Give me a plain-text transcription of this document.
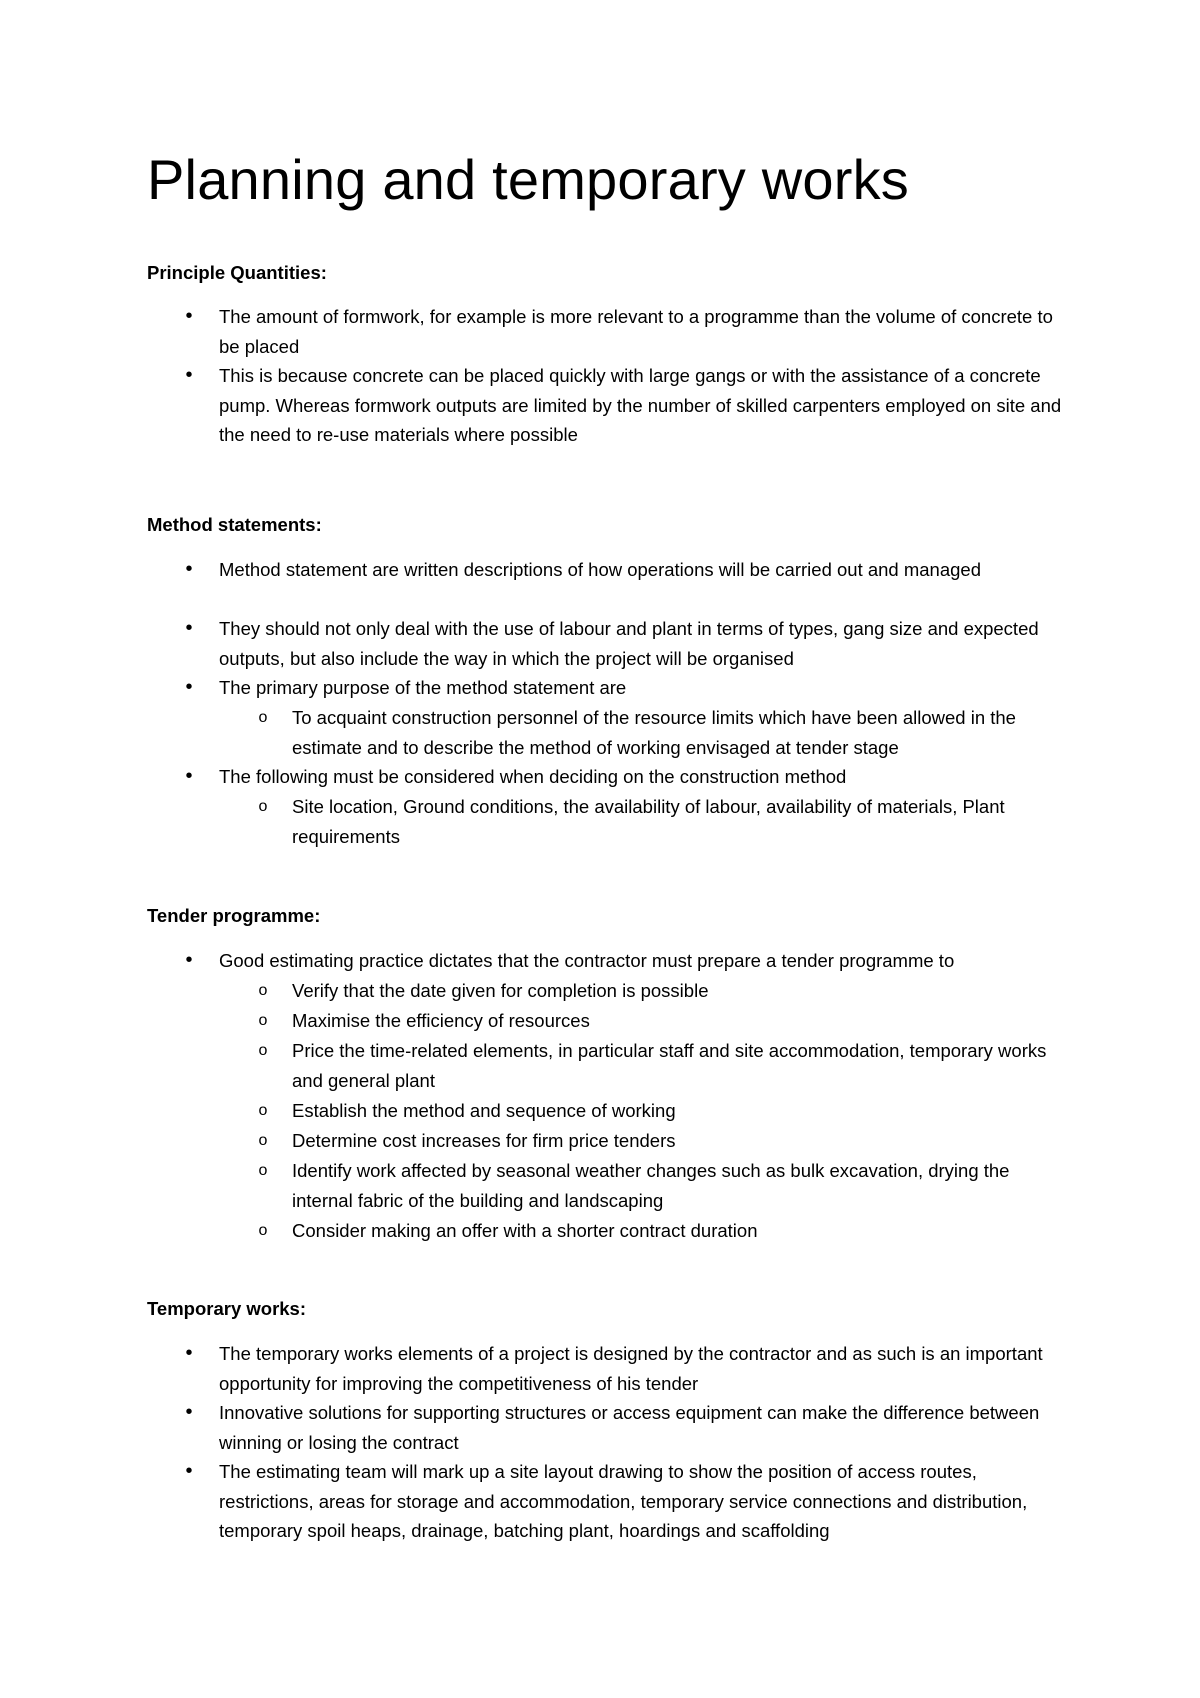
Planning and temporary works
Principle Quantities:
• The amount of formwork, for example is more relevant to a programme than the volume of concrete to be placed

• This is because concrete can be placed quickly with large gangs or with the assistance of a concrete pump. Whereas formwork outputs are limited by the number of skilled carpenters employed on site and the need to re-use materials where possible

Method statements:
• Method statement are written descriptions of how operations will be carried out and managed

• They should not only deal with the use of labour and plant in terms of types, gang size and expected outputs, but also include the way in which the project will be organised

• The primary purpose of the method statement are

o To acquaint construction personnel of the resource limits which have been allowed in the estimate and to describe the method of working envisaged at tender stage

• The following must be considered when deciding on the construction method

o Site location, Ground conditions, the availability of labour, availability of materials, Plant requirements

Tender programme:
• Good estimating practice dictates that the contractor must prepare a tender programme to

o Verify that the date given for completion is possible

o Maximise the efficiency of resources

o Price the time-related elements, in particular staff and site accommodation, temporary works and general plant

o Establish the method and sequence of working

o Determine cost increases for firm price tenders

o Identify work affected by seasonal weather changes such as bulk excavation, drying the internal fabric of the building and landscaping

o Consider making an offer with a shorter contract duration

Temporary works:
• The temporary works elements of a project is designed by the contractor and as such is an important opportunity for improving the competitiveness of his tender

• Innovative solutions for supporting structures or access equipment can make the difference between winning or losing the contract

• The estimating team will mark up a site layout drawing to show the position of access routes, restrictions, areas for storage and accommodation, temporary service connections and distribution, temporary spoil heaps, drainage, batching plant, hoardings and scaffolding
